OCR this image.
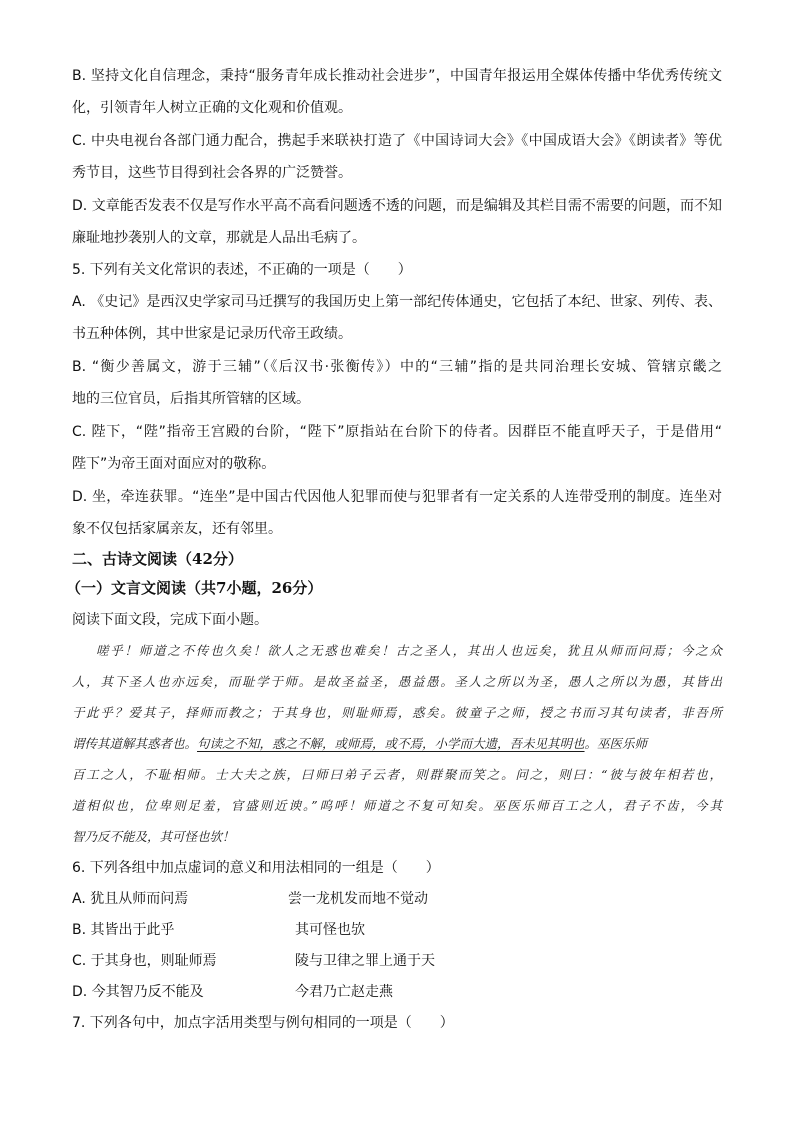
B. 坚持文化自信理念，秉持“服务青年成长推动社会进步”，中国青年报运用全媒体传播中华优秀传统文
化，引领青年人树立正确的文化观和价值观。
C. 中央电视台各部门通力配合，携起手来联袂打造了《中国诗词大会》《中国成语大会》《朗读者》等优
秀节目，这些节目得到社会各界的广泛赞誉。
D. 文章能否发表不仅是写作水平高不高看问题透不透的问题，而是编辑及其栏目需不需要的问题，而不知
廉耻地抄袭别人的文章，那就是人品出毛病了。
5. 下列有关文化常识的表述，不正确的一项是（　　）
A. 《史记》是西汉史学家司马迁撰写的我国历史上第一部纪传体通史，它包括了本纪、世家、列传、表、
书五种体例，其中世家是记录历代帝王政绩。
B. “衡少善属文，游于三辅”（《后汉书·张衡传》）中的“三辅”指的是共同治理长安城、管辖京畿之
地的三位官员，后指其所管辖的区域。
C. 陛下，“陛”指帝王宫殿的台阶，“陛下”原指站在台阶下的侍者。因群臣不能直呼天子，于是借用“
陛下”为帝王面对面应对的敬称。
D. 坐，牵连获罪。“连坐”是中国古代因他人犯罪而使与犯罪者有一定关系的人连带受刑的制度。连坐对
象不仅包括家属亲友，还有邻里。
二、古诗文阅读（42分）
（一）文言文阅读（共7小题，26分）
阅读下面文段，完成下面小题。
嗟乎！师道之不传也久矣！欲人之无惑也难矣！古之圣人，其出人也远矣，犹且从师而问焉；今之众
人，其下圣人也亦远矣，而耻学于师。是故圣益圣，愚益愚。圣人之所以为圣，愚人之所以为愚，其皆出
于此乎？爱其子，择师而教之；于其身也，则耻师焉，惑矣。彼童子之师，授之书而习其句读者，非吾所
谓传其道解其惑者也。句读之不知，惑之不解，或师焉，或不焉，小学而大遗，吾未见其明也。巫医乐师
百工之人，不耻相师。士大夫之族，曰师曰弟子云者，则群聚而笑之。问之，则曰：“彼与彼年相若也，
道相似也，位卑则足羞，官盛则近谀。”呜呼！师道之不复可知矣。巫医乐师百工之人，君子不齿，今其
智乃反不能及，其可怪也欤！
6. 下列各组中加点虚词的意义和用法相同的一组是（　　）
A. 犹且从师而问焉	尝一龙机发而地不觉动
B. 其皆出于此乎	其可怪也欤
C. 于其身也，则耻师焉	陵与卫律之罪上通于天
D. 今其智乃反不能及	今君乃亡赵走燕
7. 下列各句中，加点字活用类型与例句相同的一项是（　　）
